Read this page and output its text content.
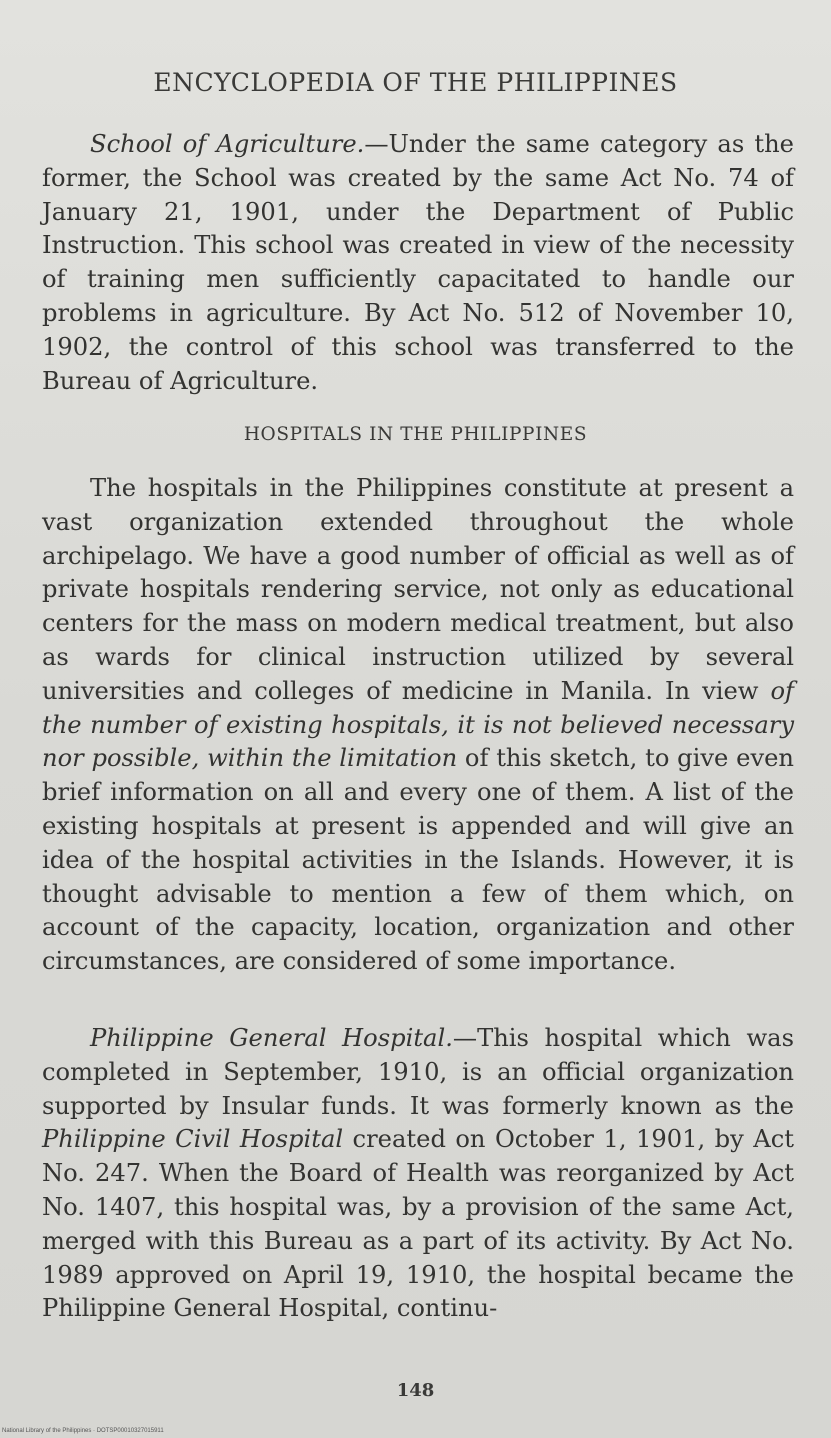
ENCYCLOPEDIA OF THE PHILIPPINES

School of Agriculture.—Under the same category as the former, the School was created by the same Act No. 74 of January 21, 1901, under the Department of Public Instruction. This school was created in view of the necessity of training men sufficiently capacitated to handle our problems in agriculture. By Act No. 512 of November 10, 1902, the control of this school was transferred to the Bureau of Agriculture.

HOSPITALS IN THE PHILIPPINES

The hospitals in the Philippines constitute at present a vast organization extended throughout the whole archipelago. We have a good number of official as well as of private hospitals rendering service, not only as educational centers for the mass on modern medical treatment, but also as wards for clinical instruction utilized by several universities and colleges of medicine in Manila. In view of the number of existing hospitals, it is not believed necessary nor possible, within the limitation of this sketch, to give even brief information on all and every one of them. A list of the existing hospitals at present is appended and will give an idea of the hospital activities in the Islands. However, it is thought advisable to mention a few of them which, on account of the capacity, location, organization and other circumstances, are considered of some importance.

Philippine General Hospital.—This hospital which was completed in September, 1910, is an official organization supported by Insular funds. It was formerly known as the Philippine Civil Hospital created on October 1, 1901, by Act No. 247. When the Board of Health was reorganized by Act No. 1407, this hospital was, by a provision of the same Act, merged with this Bureau as a part of its activity. By Act No. 1989 approved on April 19, 1910, the hospital became the Philippine General Hospital, continu-

148
National Library of the Philippines · DOTSP00010327015911
